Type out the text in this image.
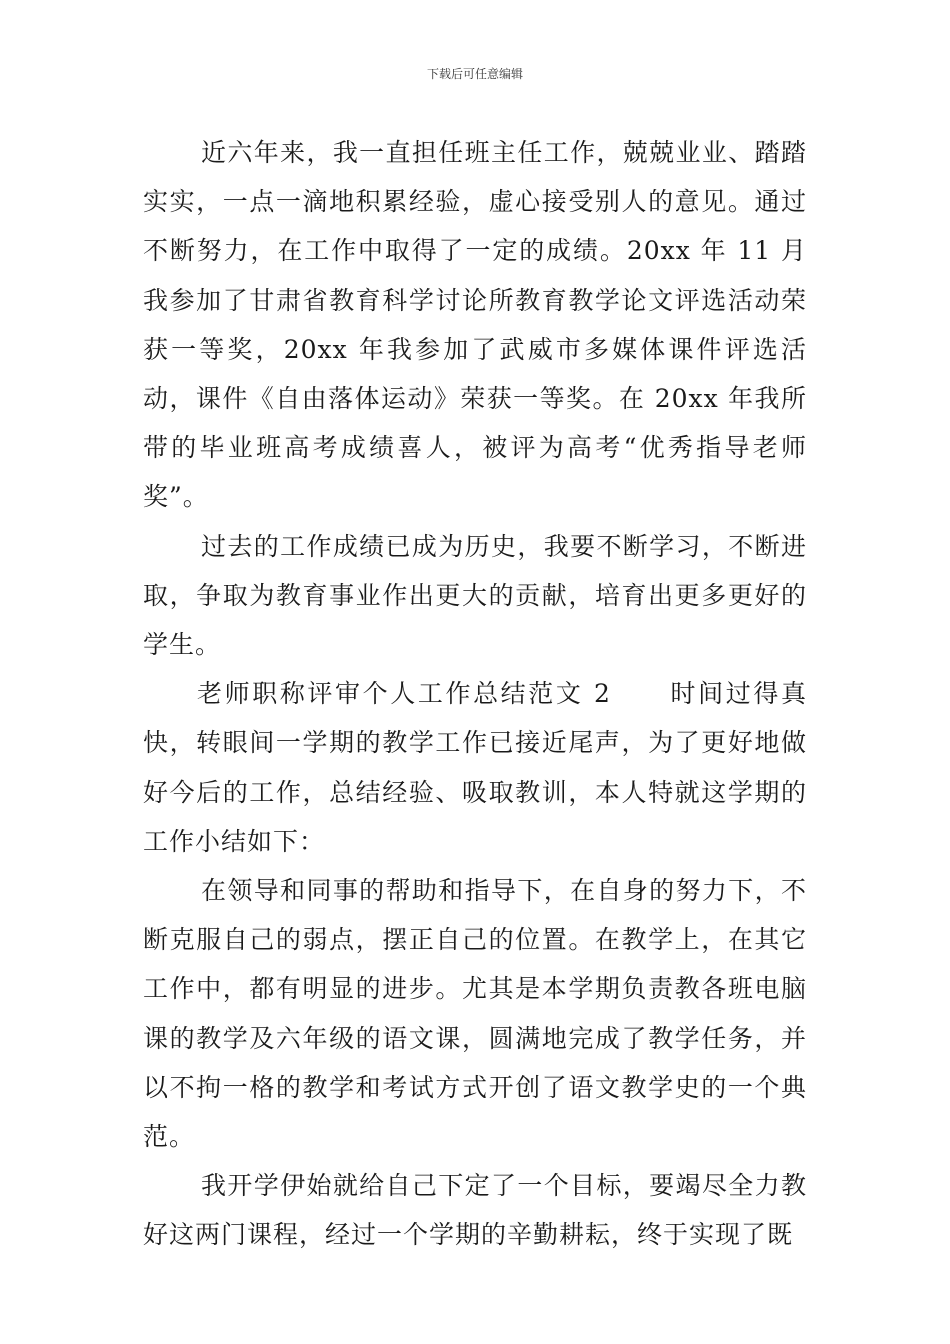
下载后可任意编辑

近六年来，我一直担任班主任工作，兢兢业业、踏踏实实，一点一滴地积累经验，虚心接受别人的意见。通过不断努力，在工作中取得了一定的成绩。20xx 年 11 月我参加了甘肃省教育科学讨论所教育教学论文评选活动荣获一等奖，20xx 年我参加了武威市多媒体课件评选活动，课件《自由落体运动》荣获一等奖。在 20xx 年我所带的毕业班高考成绩喜人，被评为高考“优秀指导老师奖”。

过去的工作成绩已成为历史，我要不断学习，不断进取，争取为教育事业作出更大的贡献，培育出更多更好的学生。

老师职称评审个人工作总结范文 2 时间过得真快，转眼间一学期的教学工作已接近尾声，为了更好地做好今后的工作，总结经验、吸取教训，本人特就这学期的工作小结如下：

在领导和同事的帮助和指导下，在自身的努力下，不断克服自己的弱点，摆正自己的位置。在教学上，在其它工作中，都有明显的进步。尤其是本学期负责教各班电脑课的教学及六年级的语文课，圆满地完成了教学任务，并以不拘一格的教学和考试方式开创了语文教学史的一个典范。

我开学伊始就给自己下定了一个目标，要竭尽全力教好这两门课程，经过一个学期的辛勤耕耘，终于实现了既
